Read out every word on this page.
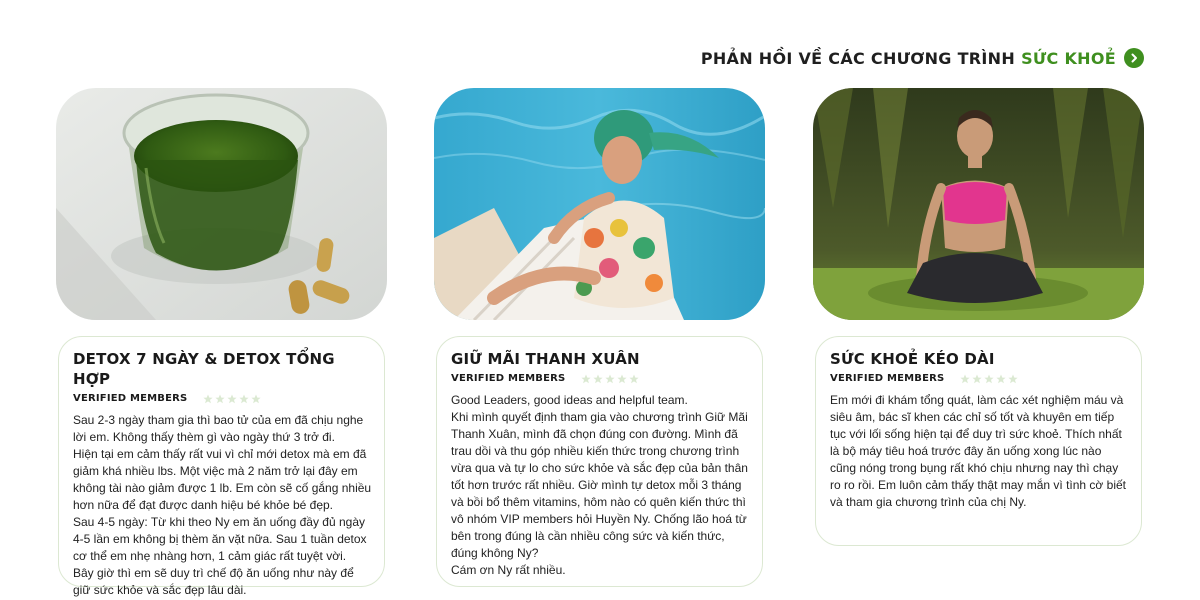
PHẢN HỒI VỀ CÁC CHƯƠNG TRÌNH SỨC KHOẺ
DETOX 7 NGÀY & DETOX TỔNG HỢP
VERIFIED MEMBERS

Sau 2-3 ngày tham gia thì bao tử của em đã chịu nghe lời em. Không thấy thèm gì vào ngày thứ 3 trở đi.

Hiện tại em cảm thấy rất vui vì chỉ mới detox mà em đã giảm khá nhiều lbs. Một việc mà 2 năm trở lại đây em không tài nào giảm được 1 lb. Em còn sẽ cố gắng nhiều hơn nữa để đạt được danh hiệu bé khỏe bé đẹp.

Sau 4-5 ngày: Từ khi theo Ny em ăn uống đầy đủ ngày 4-5 lần em không bị thèm ăn vặt nữa. Sau 1 tuần detox cơ thể em nhẹ nhàng hơn, 1 cảm giác rất tuyệt vời.

Bây giờ thì em sẽ duy trì chế độ ăn uống như này để giữ sức khỏe và sắc đẹp lâu dài.

GIỮ MÃI THANH XUÂN
VERIFIED MEMBERS

Good Leaders, good ideas and helpful team.

Khi mình quyết định tham gia vào chương trình Giữ Mãi Thanh Xuân, mình đã chọn đúng con đường. Mình đã trau dồi và thu góp nhiều kiến thức trong chương trình vừa qua và tự lo cho sức khỏe và sắc đẹp của bản thân tốt hơn trước rất nhiều. Giờ mình tự detox mỗi 3 tháng và bồi bổ thêm vitamins, hôm nào có quên kiến thức thì vô nhóm VIP members hỏi Huyền Ny. Chống lão hoá từ bên trong đúng là cần nhiều công sức và kiến thức, đúng không Ny?

Cám ơn Ny rất nhiều.

SỨC KHOẺ KÉO DÀI
VERIFIED MEMBERS

Em mới đi khám tổng quát, làm các xét nghiệm máu và siêu âm, bác sĩ khen các chỉ số tốt và khuyên em tiếp tục với lối sống hiện tại để duy trì sức khoẻ. Thích nhất là bộ máy tiêu hoá trước đây ăn uống xong lúc nào cũng nóng trong bụng rất khó chịu nhưng nay thì chạy ro ro rồi. Em luôn cảm thấy thật may mắn vì tình cờ biết và tham gia chương trình của chị Ny.
